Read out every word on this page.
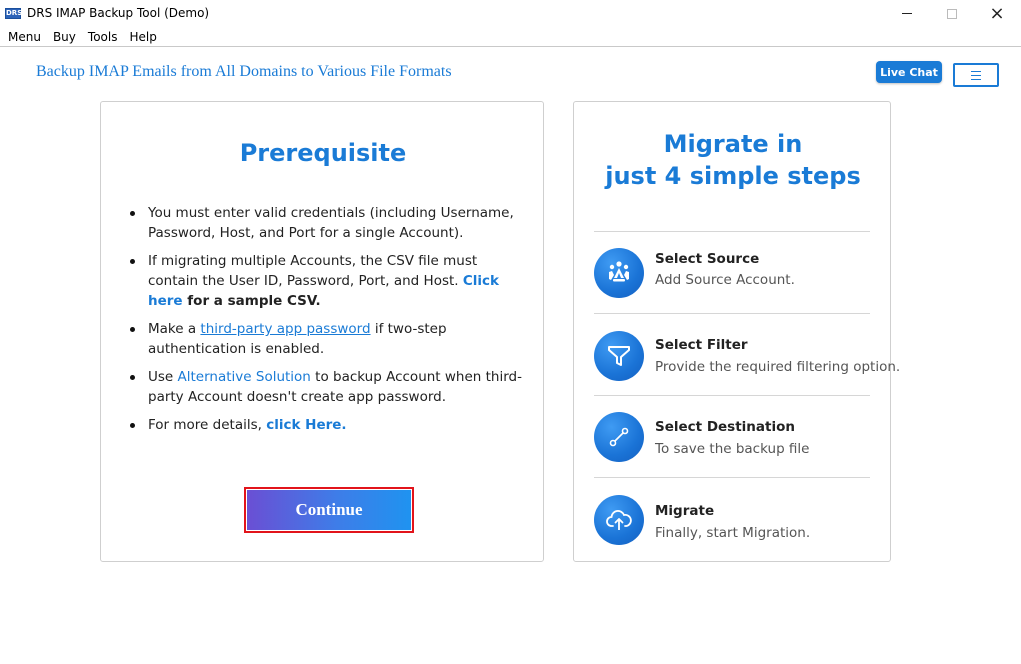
DRS DRS IMAP Backup Tool (Demo)	×
Menu	Buy	Tools	Help
Backup IMAP Emails from All Domains to Various File Formats	Live Chat
Prerequisite
You must enter valid credentials (including Username, Password, Host, and Port for a single Account).
If migrating multiple Accounts, the CSV file must contain the User ID, Password, Port, and Host. Click here for a sample CSV.
Make a third-party app password if two-step authentication is enabled.
Use Alternative Solution to backup Account when third-party Account doesn't create app password.
For more details, click Here.
Continue
Migrate in
just 4 simple steps
Select Source
Add Source Account.
Select Filter
Provide the required filtering option.
Select Destination
To save the backup file
Migrate
Finally, start Migration.
